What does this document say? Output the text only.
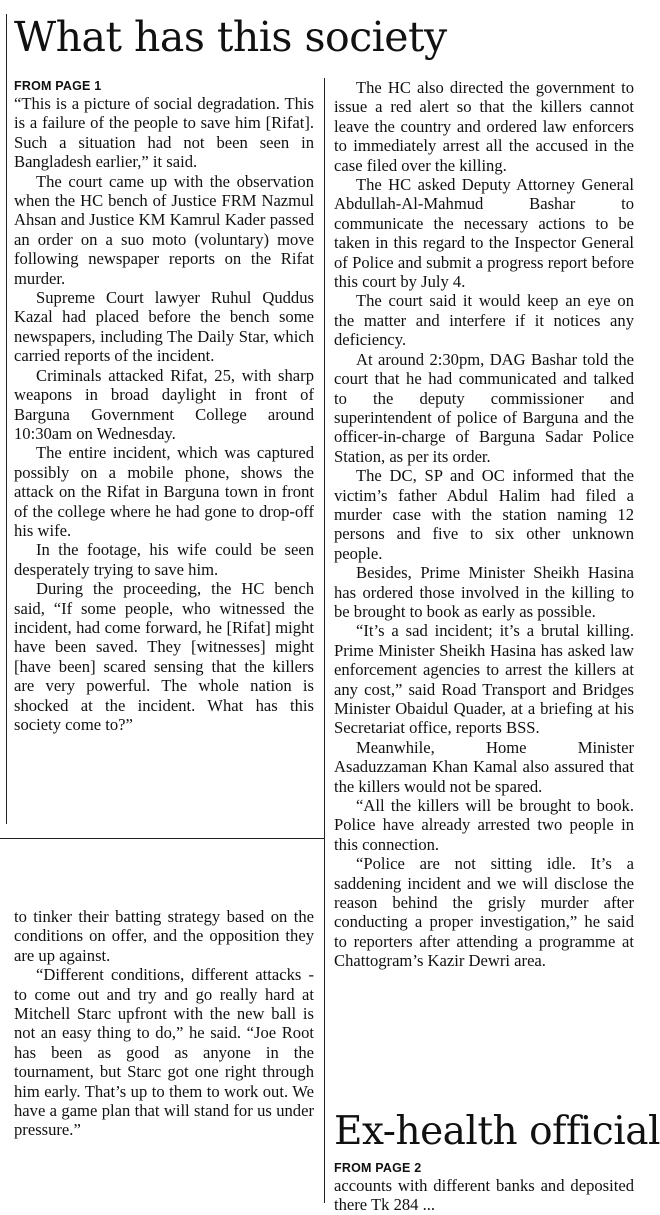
What has this society

FROM PAGE 1

“This is a picture of social degradation. This is a failure of the people to save him [Rifat]. Such a situation had not been seen in Bangladesh earlier,” it said.

The court came up with the observation when the HC bench of Justice FRM Nazmul Ahsan and Justice KM Kamrul Kader passed an order on a suo moto (voluntary) move following newspaper reports on the Rifat murder.

Supreme Court lawyer Ruhul Quddus Kazal had placed before the bench some newspapers, including The Daily Star, which carried reports of the incident.

Criminals attacked Rifat, 25, with sharp weapons in broad daylight in front of Barguna Government College around 10:30am on Wednesday.

The entire incident, which was captured possibly on a mobile phone, shows the attack on the Rifat in Barguna town in front of the college where he had gone to drop-off his wife.

In the footage, his wife could be seen desperately trying to save him.

During the proceeding, the HC bench said, “If some people, who witnessed the incident, had come forward, he [Rifat] might have been saved. They [witnesses] might [have been] scared sensing that the killers are very powerful. The whole nation is shocked at the incident. What has this society come to?”

The HC also directed the government to issue a red alert so that the killers cannot leave the country and ordered law enforcers to immediately arrest all the accused in the case filed over the killing.

The HC asked Deputy Attorney General Abdullah-Al-Mahmud Bashar to communicate the necessary actions to be taken in this regard to the Inspector General of Police and submit a progress report before this court by July 4.

The court said it would keep an eye on the matter and interfere if it notices any deficiency.

At around 2:30pm, DAG Bashar told the court that he had communicated and talked to the deputy commissioner and superintendent of police of Barguna and the officer-in-charge of Barguna Sadar Police Station, as per its order.

The DC, SP and OC informed that the victim’s father Abdul Halim had filed a murder case with the station naming 12 persons and five to six other unknown people.

Besides, Prime Minister Sheikh Hasina has ordered those involved in the killing to be brought to book as early as possible.

“It’s a sad incident; it’s a brutal killing. Prime Minister Sheikh Hasina has asked law enforcement agencies to arrest the killers at any cost,” said Road Transport and Bridges Minister Obaidul Quader, at a briefing at his Secretariat office, reports BSS.

Meanwhile, Home Minister Asaduzzaman Khan Kamal also assured that the killers would not be spared.

“All the killers will be brought to book. Police have already arrested two people in this connection.

“Police are not sitting idle. It’s a saddening incident and we will disclose the reason behind the grisly murder after conducting a proper investigation,” he said to reporters after attending a programme at Chattogram’s Kazir Dewri area.

to tinker their batting strategy based on the conditions on offer, and the opposition they are up against.

“Different conditions, different attacks - to come out and try and go really hard at Mitchell Starc upfront with the new ball is not an easy thing to do,” he said. “Joe Root has been as good as anyone in the tournament, but Starc got one right through him early. That’s up to them to work out. We have a game plan that will stand for us under pressure.”	Ex-health official

FROM PAGE 2

accounts with different banks and deposited there Tk 284 ...
